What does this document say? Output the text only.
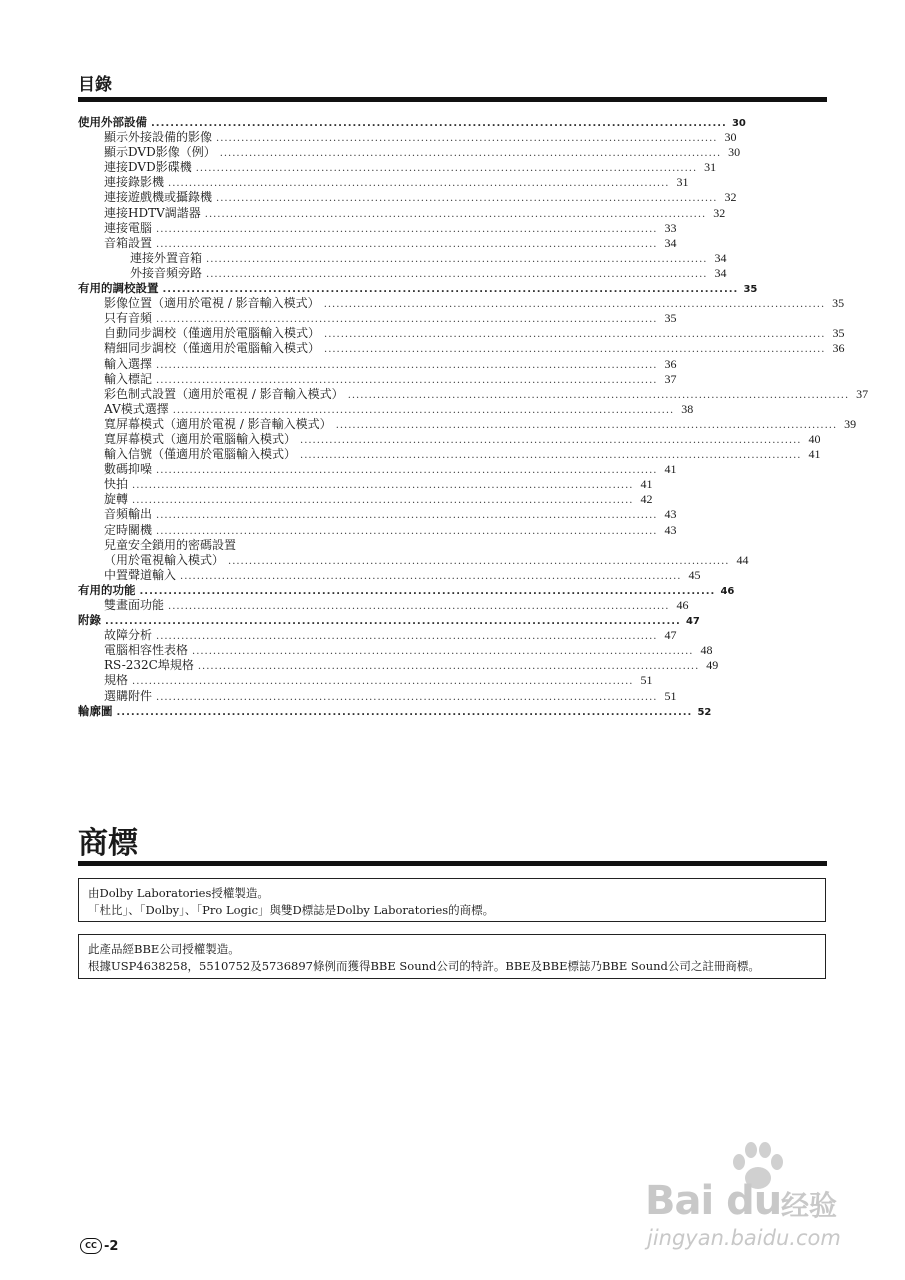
目錄
使用外部設備 ........................................................................................................................ 30
顯示外接設備的影像 ........................................................................................................................ 30
顯示DVD影像（例） ........................................................................................................................ 30
連接DVD影碟機 ........................................................................................................................ 31
連接錄影機 ........................................................................................................................ 31
連接遊戲機或攝錄機 ........................................................................................................................ 32
連接HDTV調諧器 ........................................................................................................................ 32
連接電腦 ........................................................................................................................ 33
音箱設置 ........................................................................................................................ 34
連接外置音箱 ........................................................................................................................ 34
外接音頻旁路 ........................................................................................................................ 34
有用的調校設置 ........................................................................................................................ 35
影像位置（適用於電視 / 影音輸入模式） ........................................................................................................................ 35
只有音頻 ........................................................................................................................ 35
自動同步調校（僅適用於電腦輸入模式） ........................................................................................................................ 35
精細同步調校（僅適用於電腦輸入模式） ........................................................................................................................ 36
輸入選擇 ........................................................................................................................ 36
輸入標記 ........................................................................................................................ 37
彩色制式設置（適用於電視 / 影音輸入模式） ........................................................................................................................ 37
AV模式選擇 ........................................................................................................................ 38
寬屏幕模式（適用於電視 / 影音輸入模式） ........................................................................................................................ 39
寬屏幕模式（適用於電腦輸入模式） ........................................................................................................................ 40
輸入信號（僅適用於電腦輸入模式） ........................................................................................................................ 41
數碼抑噪 ........................................................................................................................ 41
快拍 ........................................................................................................................ 41
旋轉 ........................................................................................................................ 42
音頻輸出 ........................................................................................................................ 43
定時關機 ........................................................................................................................ 43
兒童安全鎖用的密碼設置
（用於電視輸入模式） ........................................................................................................................ 44
中置聲道輸入 ........................................................................................................................ 45
有用的功能 ........................................................................................................................ 46
雙畫面功能 ........................................................................................................................ 46
附錄 ........................................................................................................................ 47
故障分析 ........................................................................................................................ 47
電腦相容性表格 ........................................................................................................................ 48
RS-232C埠規格 ........................................................................................................................ 49
規格 ........................................................................................................................ 51
選購附件 ........................................................................................................................ 51
輪廓圖 ........................................................................................................................ 52
商標

由Dolby Laboratories授權製造。

「杜比」、「Dolby」、「Pro Logic」與雙D標誌是Dolby Laboratories的商標。

此產品經BBE公司授權製造。

根據USP4638258，5510752及5736897條例而獲得BBE Sound公司的特許。BBE及BBE標誌乃BBE Sound公司之註冊商標。

CC -2
Bai du 经验
jingyan.baidu.com
